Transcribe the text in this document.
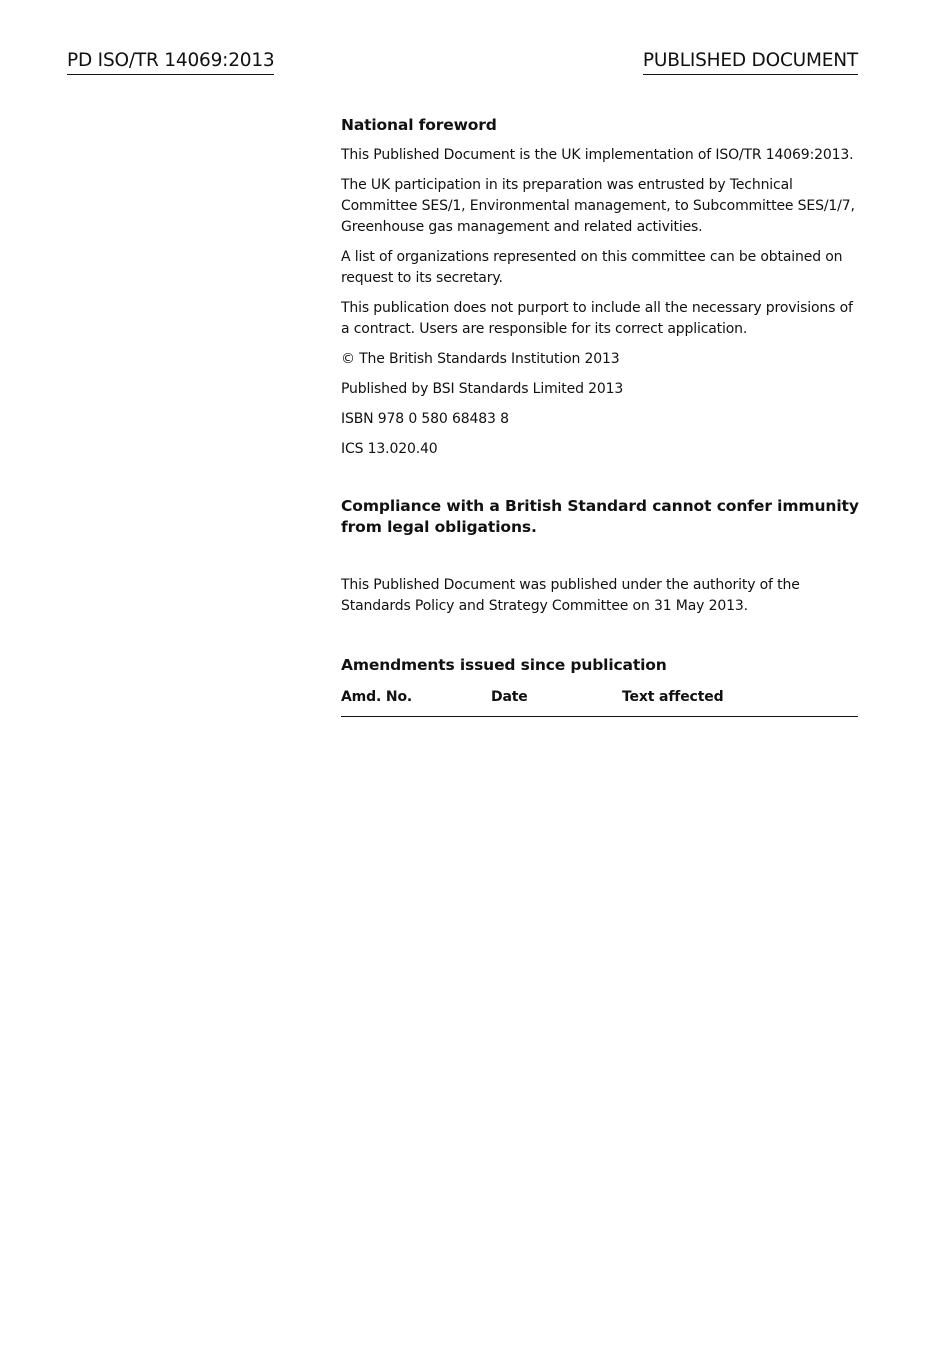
PD ISO/TR 14069:2013	PUBLISHED DOCUMENT
National foreword

This Published Document is the UK implementation of ISO/TR 14069:2013.

The UK participation in its preparation was entrusted by Technical Committee SES/1, Environmental management, to Subcommittee SES/1/7, Greenhouse gas management and related activities.

A list of organizations represented on this committee can be obtained on request to its secretary.

This publication does not purport to include all the necessary provisions of a contract. Users are responsible for its correct application.

© The British Standards Institution 2013

Published by BSI Standards Limited 2013

ISBN 978 0 580 68483 8

ICS 13.020.40

Compliance with a British Standard cannot confer immunity from legal obligations.

This Published Document was published under the authority of the Standards Policy and Strategy Committee on 31 May 2013.

Amendments issued since publication
Amd. No.	Date	Text affected
